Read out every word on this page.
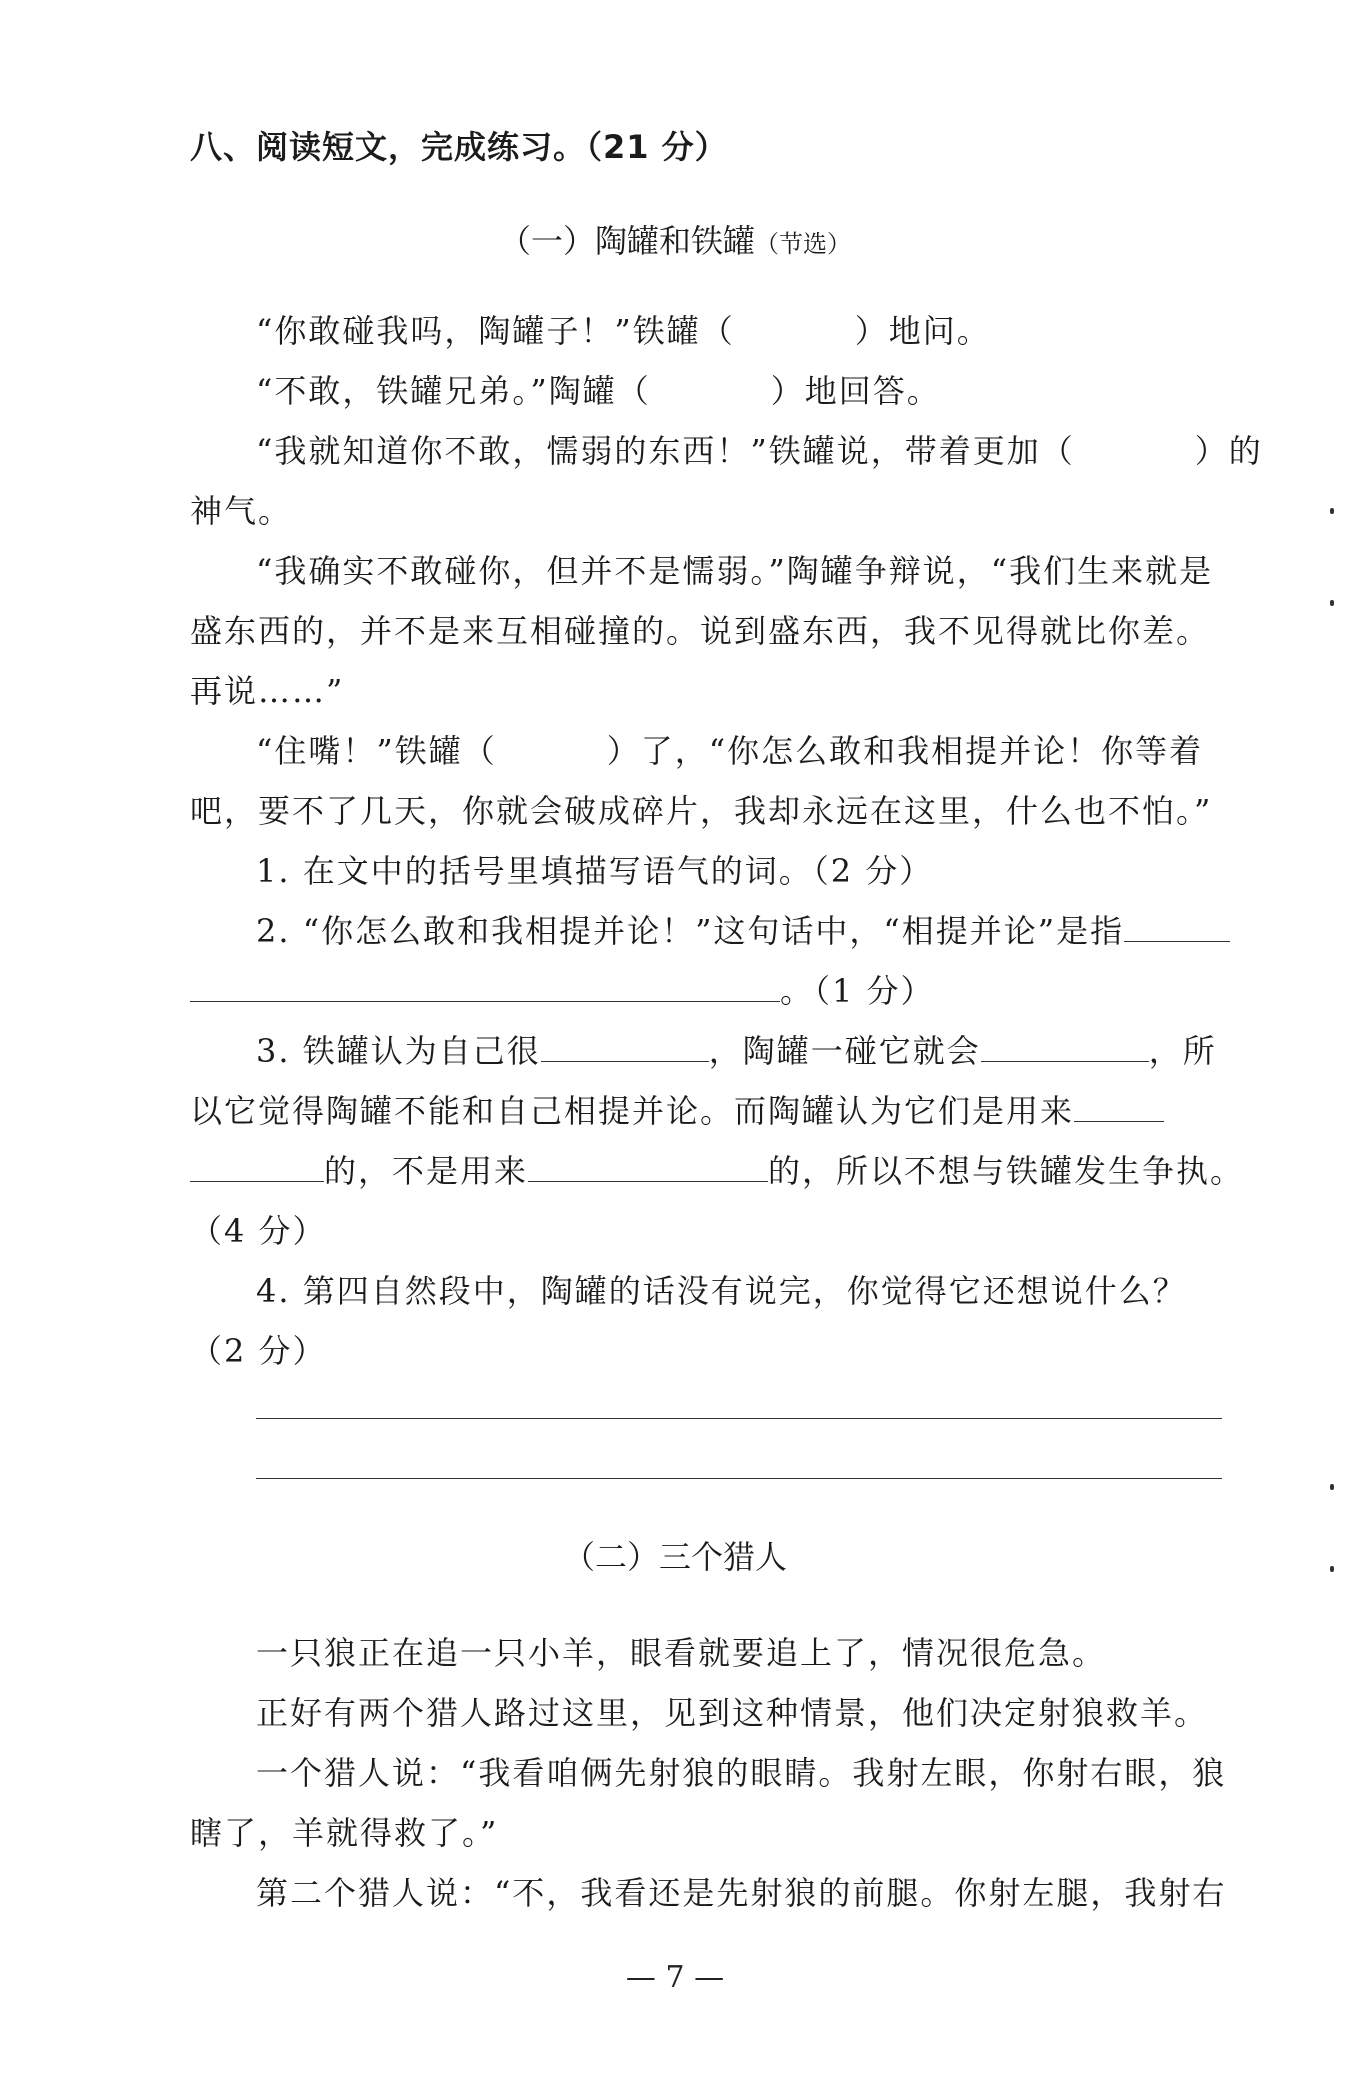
八、阅读短文，完成练习。（21 分）
（一）陶罐和铁罐（节选）
“你敢碰我吗，陶罐子！”铁罐（	）地问。
“不敢，铁罐兄弟。”陶罐（	）地回答。
“我就知道你不敢，懦弱的东西！”铁罐说，带着更加（	）的
神气。
“我确实不敢碰你，但并不是懦弱。”陶罐争辩说，“我们生来就是
盛东西的，并不是来互相碰撞的。说到盛东西，我不见得就比你差。
再说……”
“住嘴！”铁罐（	）了，“你怎么敢和我相提并论！你等着
吧，要不了几天，你就会破成碎片，我却永远在这里，什么也不怕。”
1. 在文中的括号里填描写语气的词。（2 分）
2. “你怎么敢和我相提并论！”这句话中，“相提并论”是指
。（1 分）
3. 铁罐认为自己很	，陶罐一碰它就会	，所
以它觉得陶罐不能和自己相提并论。而陶罐认为它们是用来
的，不是用来	的，所以不想与铁罐发生争执。
（4 分）
4. 第四自然段中，陶罐的话没有说完，你觉得它还想说什么？
（2 分）
（二）三个猎人
一只狼正在追一只小羊，眼看就要追上了，情况很危急。
正好有两个猎人路过这里，见到这种情景，他们决定射狼救羊。
一个猎人说：“我看咱俩先射狼的眼睛。我射左眼，你射右眼，狼
瞎了，羊就得救了。”
第二个猎人说：“不，我看还是先射狼的前腿。你射左腿，我射右
— 7 —
